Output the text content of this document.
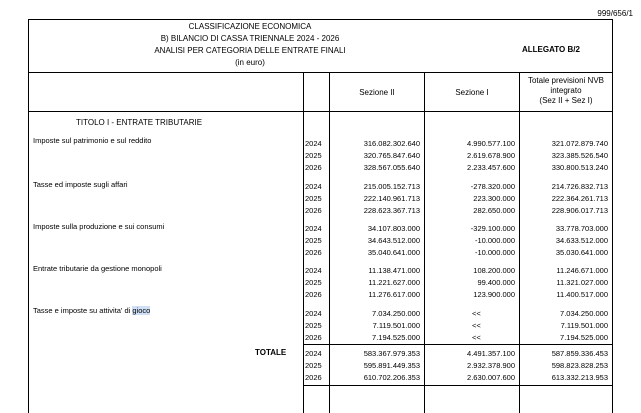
999/656/1
CLASSIFICAZIONE ECONOMICA
B) BILANCIO DI CASSA TRIENNALE 2024 - 2026
ANALISI PER CATEGORIA DELLE ENTRATE FINALI
(in euro)
ALLEGATO B/2
Sezione II	Sezione I
Totale previsioni NVB
integrato
(Sez II + Sez I)
TITOLO I - ENTRATE TRIBUTARIE
Imposte sul patrimonio e sul reddito	2024	316.082.302.640	4.990.577.100	321.072.879.740
2025	320.765.847.640	2.619.678.900	323.385.526.540
2026	328.567.055.640	2.233.457.600	330.800.513.240
Tasse ed imposte sugli affari	2024	215.005.152.713	-278.320.000	214.726.832.713
2025	222.140.961.713	223.300.000	222.364.261.713
2026	228.623.367.713	282.650.000	228.906.017.713
Imposte sulla produzione e sui consumi	2024	34.107.803.000	-329.100.000	33.778.703.000
2025	34.643.512.000	-10.000.000	34.633.512.000
2026	35.040.641.000	-10.000.000	35.030.641.000
Entrate tributarie da gestione monopoli	2024	11.138.471.000	108.200.000	11.246.671.000
2025	11.221.627.000	99.400.000	11.321.027.000
2026	11.276.617.000	123.900.000	11.400.517.000
Tasse e imposte su attivita' di gioco	2024	7.034.250.000	<<	7.034.250.000
2025	7.119.501.000	<<	7.119.501.000
2026	7.194.525.000	<<	7.194.525.000
TOTALE 2024	583.367.979.353	4.491.357.100	587.859.336.453
2025	595.891.449.353	2.932.378.900	598.823.828.253
2026	610.702.206.353	2.630.007.600	613.332.213.953
